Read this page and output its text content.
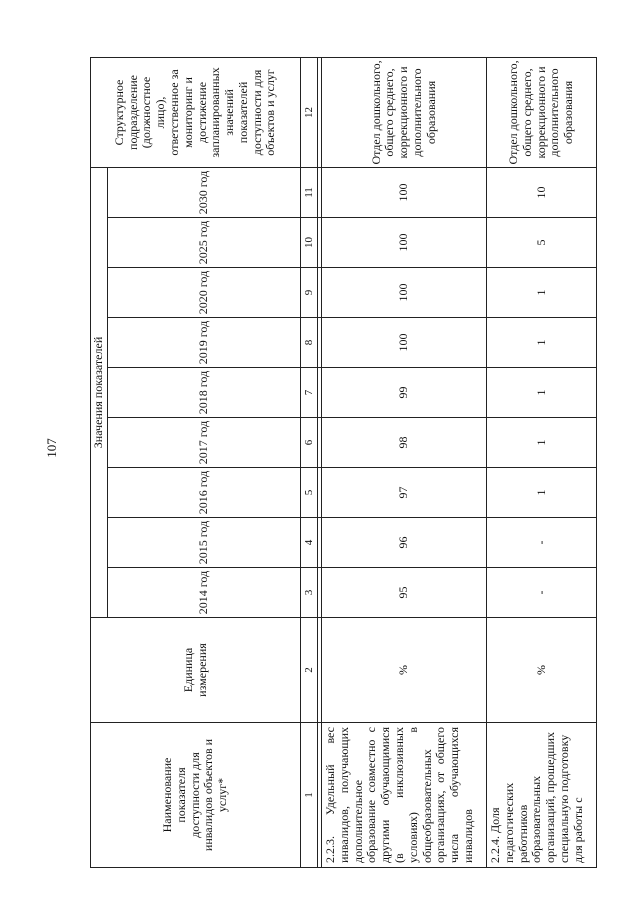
107
Наименование показателя доступности для инвалидов объектов и услуг*	Единица измерения	Значения показателей									Структурное подразделение (должностное лицо), ответственное за мониторинг и достижение запланированных значений показателей доступности для объектов и услуг
		2014 год	2015 год	2016 год	2017 год	2018 год	2019 год	2020 год	2025 год	2030 год	
1	2	3	4	5	6	7	8	9	10	11	12

2.2.3. Удельный вес инвалидов, получающих дополнительное образование совместно с другими обучающимися (в инклюзивных условиях) в общеобразовательных организациях, от общего числа обучающихся инвалидов	%	95	96	97	98	99	100	100	100	100	Отдел дошкольного, общего среднего, коррекционного и дополнительного образования
2.2.4. Доля педагогических работников образовательных организаций, прошедших специальную подготовку для работы с	%	-	-	1	1	1	1	1	5	10	Отдел дошкольного, общего среднего, коррекционного и дополнительного образования
